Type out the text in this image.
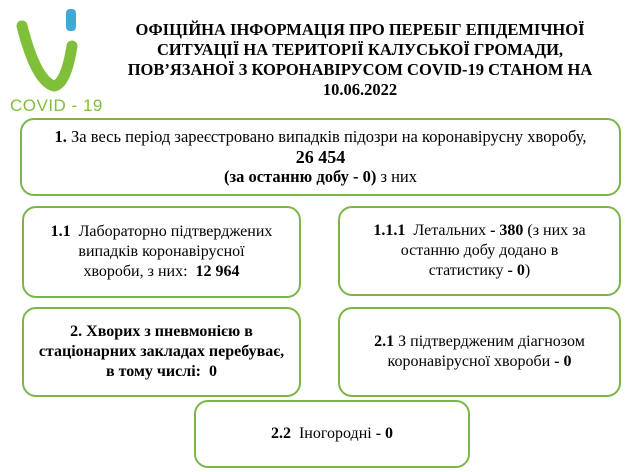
COVID - 19
ОФІЦІЙНА ІНФОРМАЦІЯ ПРО ПЕРЕБІГ ЕПІДЕМІЧНОЇ
СИТУАЦІЇ НА ТЕРИТОРІЇ КАЛУСЬКОЇ ГРОМАДИ,
ПОВ’ЯЗАНОЇ З КОРОНАВІРУСОМ COVID-19 СТАНОМ НА
10.06.2022
1. За весь період зареєстровано випадків підозри на коронавірусну хворобу,
26 454
(за останню добу - 0) з них
1.1 Лабораторно підтверджених
випадків коронавірусної
хвороби, з них: 12 964
1.1.1 Летальних - 380 (з них за
останню добу додано в
статистику - 0)
2. Хворих з пневмонією в
стаціонарних закладах перебуває,
в тому числі: 0
2.1 З підтвердженим діагнозом
коронавірусної хвороби - 0
2.2 Іногородні - 0
